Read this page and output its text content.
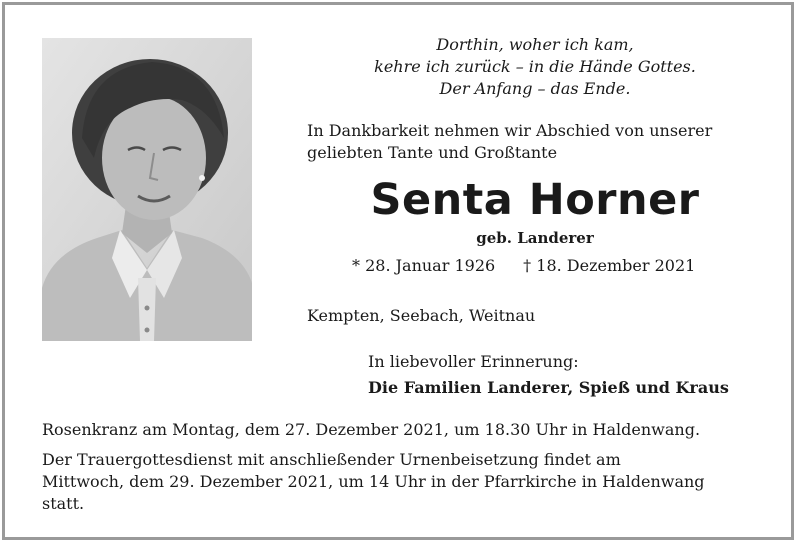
Dorthin, woher ich kam,
kehre ich zurück – in die Hände Gottes.
Der Anfang – das Ende.
In Dankbarkeit nehmen wir Abschied von unserer
geliebten Tante und Großtante
Senta Horner
geb. Landerer
* 28. Januar 1926 † 18. Dezember 2021
Kempten, Seebach, Weitnau
In liebevoller Erinnerung:
Die Familien Landerer, Spieß und Kraus
Rosenkranz am Montag, dem 27. Dezember 2021, um 18.30 Uhr in Haldenwang.
Der Trauergottesdienst mit anschließender Urnenbeisetzung findet am
Mittwoch, dem 29. Dezember 2021, um 14 Uhr in der Pfarrkirche in Haldenwang
statt.
